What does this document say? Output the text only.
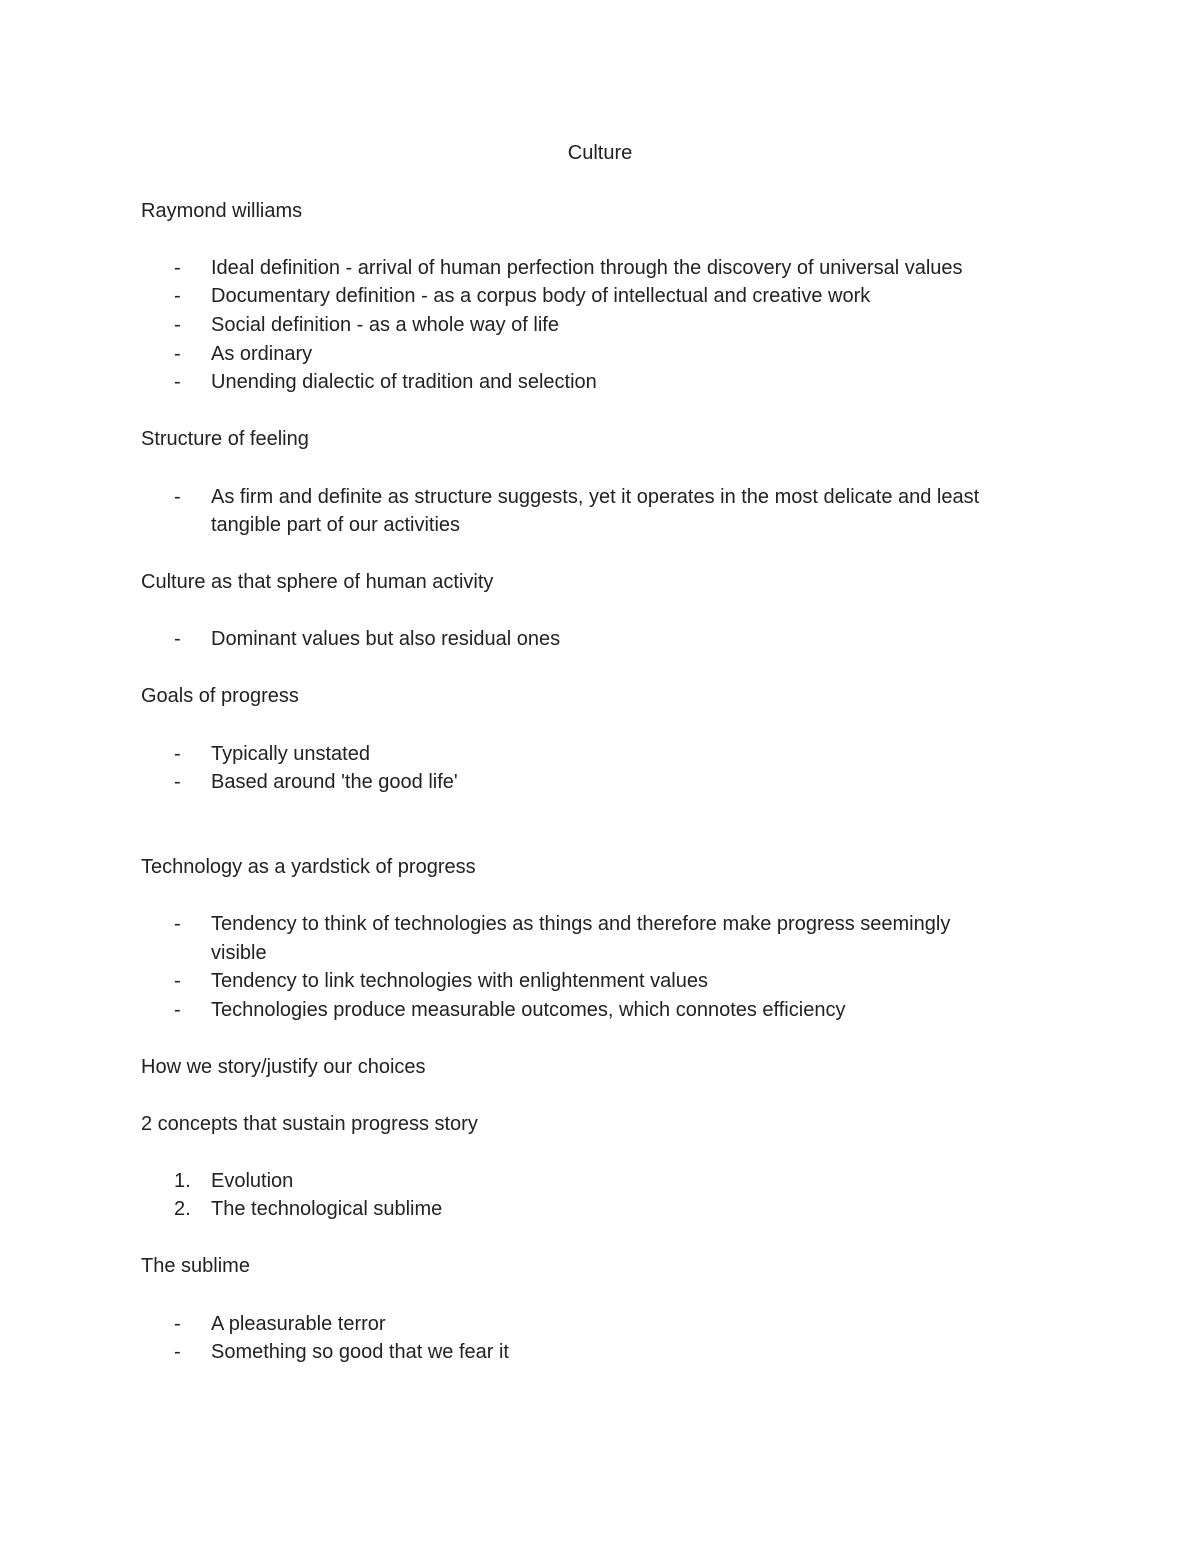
Culture
Raymond williams
-	Ideal definition - arrival of human perfection through the discovery of universal values
-	Documentary definition - as a corpus body of intellectual and creative work
-	Social definition - as a whole way of life
-	As ordinary
-	Unending dialectic of tradition and selection
Structure of feeling
-	As firm and definite as structure suggests, yet it operates in the most delicate and least
tangible part of our activities
Culture as that sphere of human activity
-	Dominant values but also residual ones
Goals of progress
-	Typically unstated
-	Based around 'the good life'
Technology as a yardstick of progress
-	Tendency to think of technologies as things and therefore make progress seemingly
visible
-	Tendency to link technologies with enlightenment values
-	Technologies produce measurable outcomes, which connotes efficiency
How we story/justify our choices
2 concepts that sustain progress story
1.	Evolution
2.	The technological sublime
The sublime
-	A pleasurable terror
-	Something so good that we fear it
